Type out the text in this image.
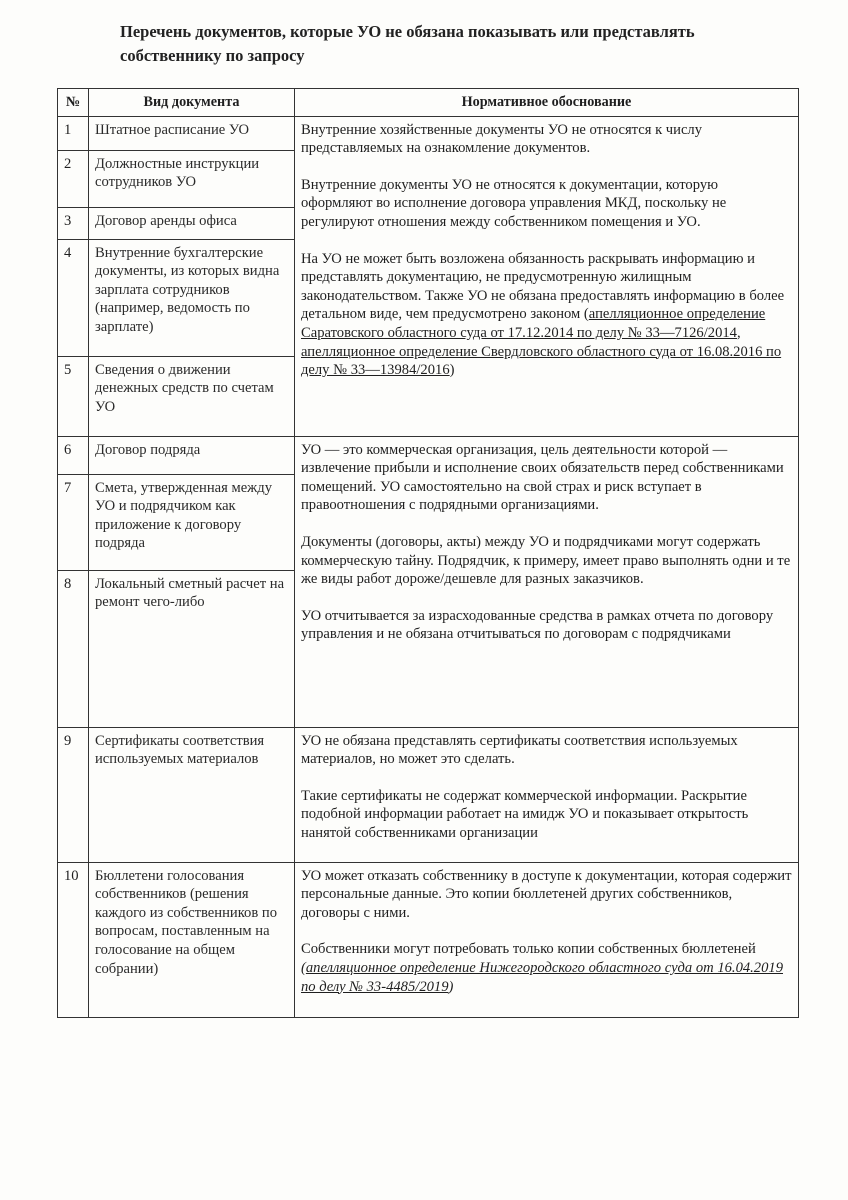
Перечень документов, которые УО не обязана показывать или представлять собственнику по запросу
№	Вид документа	Нормативное обоснование
1	Штатное расписание УО	Внутренние хозяйственные документы УО не относятся к числу представляемых на ознакомление документов.

Внутренние документы УО не относятся к документации, которую оформляют во исполнение договора управления МКД, поскольку не регулируют отношения между собственником помещения и УО.

На УО не может быть возложена обязанность раскрывать информацию и представлять документацию, не предусмотренную жилищным законодательством. Также УО не обязана предоставлять информацию в более детальном виде, чем предусмотрено законом (апелляционное определение Саратовского областного суда от 17.12.2014 по делу № 33—7126/2014, апелляционное определение Свердловского областного суда от 16.08.2016 по делу № 33—13984/2016)

2	Должностные инструкции сотрудников УО	
3	Договор аренды офиса	
4	Внутренние бухгалтерские документы, из которых видна зарплата сотрудников (например, ведомость по зарплате)	
5	Сведения о движении денежных средств по счетам УО	
6	Договор подряда	УО — это коммерческая организация, цель деятельности которой — извлечение прибыли и исполнение своих обязательств перед собственниками помещений. УО самостоятельно на свой страх и риск вступает в правоотношения с подрядными организациями.

Документы (договоры, акты) между УО и подрядчиками могут содержать коммерческую тайну. Подрядчик, к примеру, имеет право выполнять одни и те же виды работ дороже/дешевле для разных заказчиков.

УО отчитывается за израсходованные средства в рамках отчета по договору управления и не обязана отчитываться по договорам с подрядчиками

7	Смета, утвержденная между УО и подрядчиком как приложение к договору подряда	
8	Локальный сметный расчет на ремонт чего-либо	
9	Сертификаты соответствия используемых материалов	УО не обязана представлять сертификаты соответствия используемых материалов, но может это сделать.

Такие сертификаты не содержат коммерческой информации. Раскрытие подобной информации работает на имидж УО и показывает открытость нанятой собственниками организации

10	Бюллетени голосования собственников (решения каждого из собственников по вопросам, поставленным на голосование на общем собрании)	УО может отказать собственнику в доступе к документации, которая содержит персональные данные. Это копии бюллетеней других собственников, договоры с ними.

Собственники могут потребовать только копии собственных бюллетеней (апелляционное определение Нижегородского областного суда от 16.04.2019 по делу № 33-4485/2019)
